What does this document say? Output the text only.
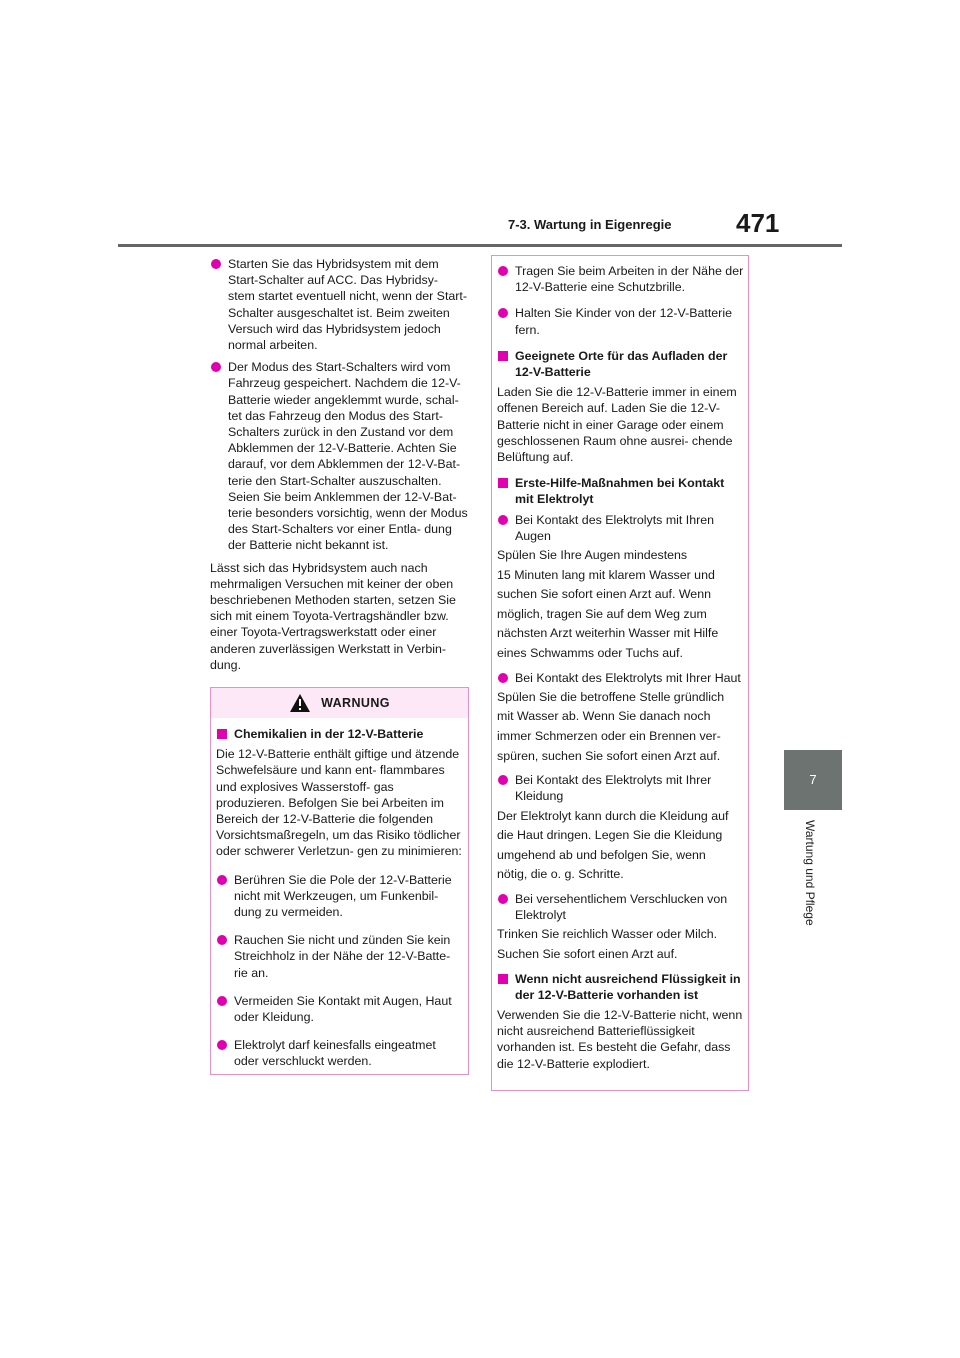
7-3. Wartung in Eigenregie 471
7
Wartung und Pflege
Starten Sie das Hybridsystem mit dem Start-Schalter auf ACC. Das Hybridsy- stem startet eventuell nicht, wenn der Start-Schalter ausgeschaltet ist. Beim zweiten Versuch wird das Hybridsystem jedoch normal arbeiten.
Der Modus des Start-Schalters wird vom Fahrzeug gespeichert. Nachdem die 12-V- Batterie wieder angeklemmt wurde, schal- tet das Fahrzeug den Modus des Start- Schalters zurück in den Zustand vor dem Abklemmen der 12-V-Batterie. Achten Sie darauf, vor dem Abklemmen der 12-V-Bat- terie den Start-Schalter auszuschalten. Seien Sie beim Anklemmen der 12-V-Bat- terie besonders vorsichtig, wenn der Modus des Start-Schalters vor einer Entla- dung der Batterie nicht bekannt ist.

Lässt sich das Hybridsystem auch nach mehrmaligen Versuchen mit keiner der oben beschriebenen Methoden starten, setzen Sie sich mit einem Toyota-Vertragshändler bzw. einer Toyota-Vertragswerkstatt oder einer anderen zuverlässigen Werkstatt in Verbin- dung.

WARNUNG
Chemikalien in der 12-V-Batterie

Die 12-V-Batterie enthält giftige und ätzende Schwefelsäure und kann ent- flammbares und explosives Wasserstoff- gas produzieren. Befolgen Sie bei Arbeiten im Bereich der 12-V-Batterie die folgenden Vorsichtsmaßregeln, um das Risiko tödlicher oder schwerer Verletzun- gen zu minimieren:

Berühren Sie die Pole der 12-V-Batterie nicht mit Werkzeugen, um Funkenbil- dung zu vermeiden.
Rauchen Sie nicht und zünden Sie kein Streichholz in der Nähe der 12-V-Batte- rie an.
Vermeiden Sie Kontakt mit Augen, Haut oder Kleidung.
Elektrolyt darf keinesfalls eingeatmet oder verschluckt werden.
Tragen Sie beim Arbeiten in der Nähe der 12-V-Batterie eine Schutzbrille.
Halten Sie Kinder von der 12-V-Batterie fern.
Geeignete Orte für das Aufladen der 12-V-Batterie

Laden Sie die 12-V-Batterie immer in einem offenen Bereich auf. Laden Sie die 12-V-Batterie nicht in einer Garage oder einem geschlossenen Raum ohne ausrei- chende Belüftung auf.

Erste-Hilfe-Maßnahmen bei Kontakt mit Elektrolyt
Bei Kontakt des Elektrolyts mit Ihren Augen

Spülen Sie Ihre Augen mindestens

15 Minuten lang mit klarem Wasser und

suchen Sie sofort einen Arzt auf. Wenn

möglich, tragen Sie auf dem Weg zum

nächsten Arzt weiterhin Wasser mit Hilfe

eines Schwamms oder Tuchs auf.

Bei Kontakt des Elektrolyts mit Ihrer Haut

Spülen Sie die betroffene Stelle gründlich

mit Wasser ab. Wenn Sie danach noch

immer Schmerzen oder ein Brennen ver-

spüren, suchen Sie sofort einen Arzt auf.

Bei Kontakt des Elektrolyts mit Ihrer Kleidung

Der Elektrolyt kann durch die Kleidung auf

die Haut dringen. Legen Sie die Kleidung

umgehend ab und befolgen Sie, wenn

nötig, die o. g. Schritte.

Bei versehentlichem Verschlucken von Elektrolyt

Trinken Sie reichlich Wasser oder Milch.

Suchen Sie sofort einen Arzt auf.

Wenn nicht ausreichend Flüssigkeit in der 12-V-Batterie vorhanden ist

Verwenden Sie die 12-V-Batterie nicht, wenn nicht ausreichend Batterieflüssigkeit vorhanden ist. Es besteht die Gefahr, dass die 12-V-Batterie explodiert.
